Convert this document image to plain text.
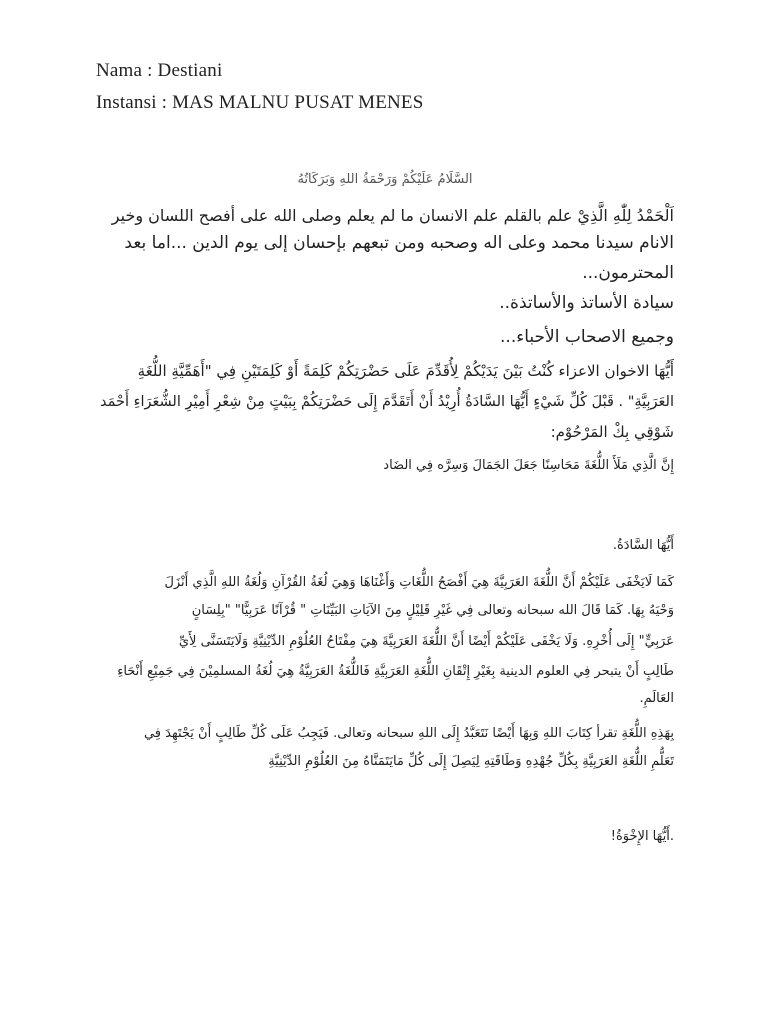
Nama : Destiani
Instansi : MAS MALNU PUSAT MENES
السَّلَامُ عَلَيْكُمْ وَرَحْمَةُ اللهِ وَبَرَكَاتُهُ
اَلْحَمْدُ لِلّٰهِ الَّذِيْ علم بالقلم علم الانسان ما لم يعلم وصلى الله على أفصح اللسان وخير
الانام سيدنا محمد وعلى اله وصحبه ومن تبعهم بإحسان إلى يوم الدين ...اما بعد
المحترمون...
سيادة الأساتذ والأساتذة..
وجميع الاصحاب الأحباء...
أَيُّهَا الاخوان الاعزاء كُنْتُ بَيْنَ يَدَيْكُمْ لِأُقَدِّمَ عَلَى حَضْرَتِكُمْ كَلِمَةً أَوْ كَلِمَتَيْنِ فِي "أَهَمِّيَّةِ اللُّغَةِ
العَرَبِيَّةِ" . قَبْلَ كُلِّ شَيْءٍ أَيُّهَا السَّادَةُ أُرِيْدُ أَنْ أَتَقَدَّمَ إِلَى حَضْرَتِكُمْ بِبَيْتٍ مِنْ شِعْرِ أَمِيْرِ الشُّعَرَاءِ أَحْمَد
شَوْقِي بِكْ المَرْحُوْم:
إِنَّ الَّذِي مَلَأَ اللُّغَةَ مَحَاسِنًا جَعَلَ الجَمَالَ وَسِرَّه فِي الضَاد
أَيُّهَا السَّادَةُ.
كَمَا لَايَخْفَى عَلَيْكُمْ أَنَّ اللُّغَةَ العَرَبِيَّةَ هِيَ أَفْصَحُ اللُّغَاتِ وَأَغْنَاهَا وَهِيَ لُغَةُ القُرْآنِ وَلُغَةُ اللهِ الَّذِي أَنْزَلَ
وَحْيَهُ بِهَا. كَمَا قَالَ الله سبحانه وتعالى فِي غَيْرِ قَلِيْلٍ مِنَ الآيَاتِ البَيِّنَاتِ " قُرْآنًا عَرَبِيًّا" "بِلِسَانٍ
عَرَبِيٍّ" إِلَى أُخْرِهِ. وَلَا يَخْفَى عَلَيْكُمْ أَيْضًا أَنَّ اللُّغَةَ العَرَبِيَّةَ هِيَ مِفْتَاحُ العُلُوْمِ الدِّيْنِيَّةِ وَلَايَتَسَنَّى لِأَيِّ
طَالِبٍ أَنْ يتبحر فِي العلوم الدينية بِغَيْرِ إِتْقَانِ اللُّغَةِ العَرَبِيَّةِ فَاللُّغَةُ العَرَبِيَّةُ هِيَ لُغَةُ المسلمِيْنَ فِي جَمِيْعِ أَنْحَاءِ
العَالَمِ.
بِهَذِهِ اللُّغَةِ تقرأ كِتَابَ اللهِ وَبِهَا أَيْضًا نَتَعَبَّدُ إِلَى اللهِ سبحانه وتعالى. فَيَجِبُ عَلَى كُلِّ طَالِبٍ أَنْ يَجْتَهِدَ فِي
تَعَلُّمِ اللُّغَةِ العَرَبِيَّةِ بِكُلِّ جُهْدِهِ وَطَاقَتِهِ لِيَصِلَ إِلَى كُلِّ مَايَتَمَنَّاهُ مِنَ العُلُوْمِ الدِّيْنِيَّةِ
.أَيُّهَا الإِخْوَةُ!
